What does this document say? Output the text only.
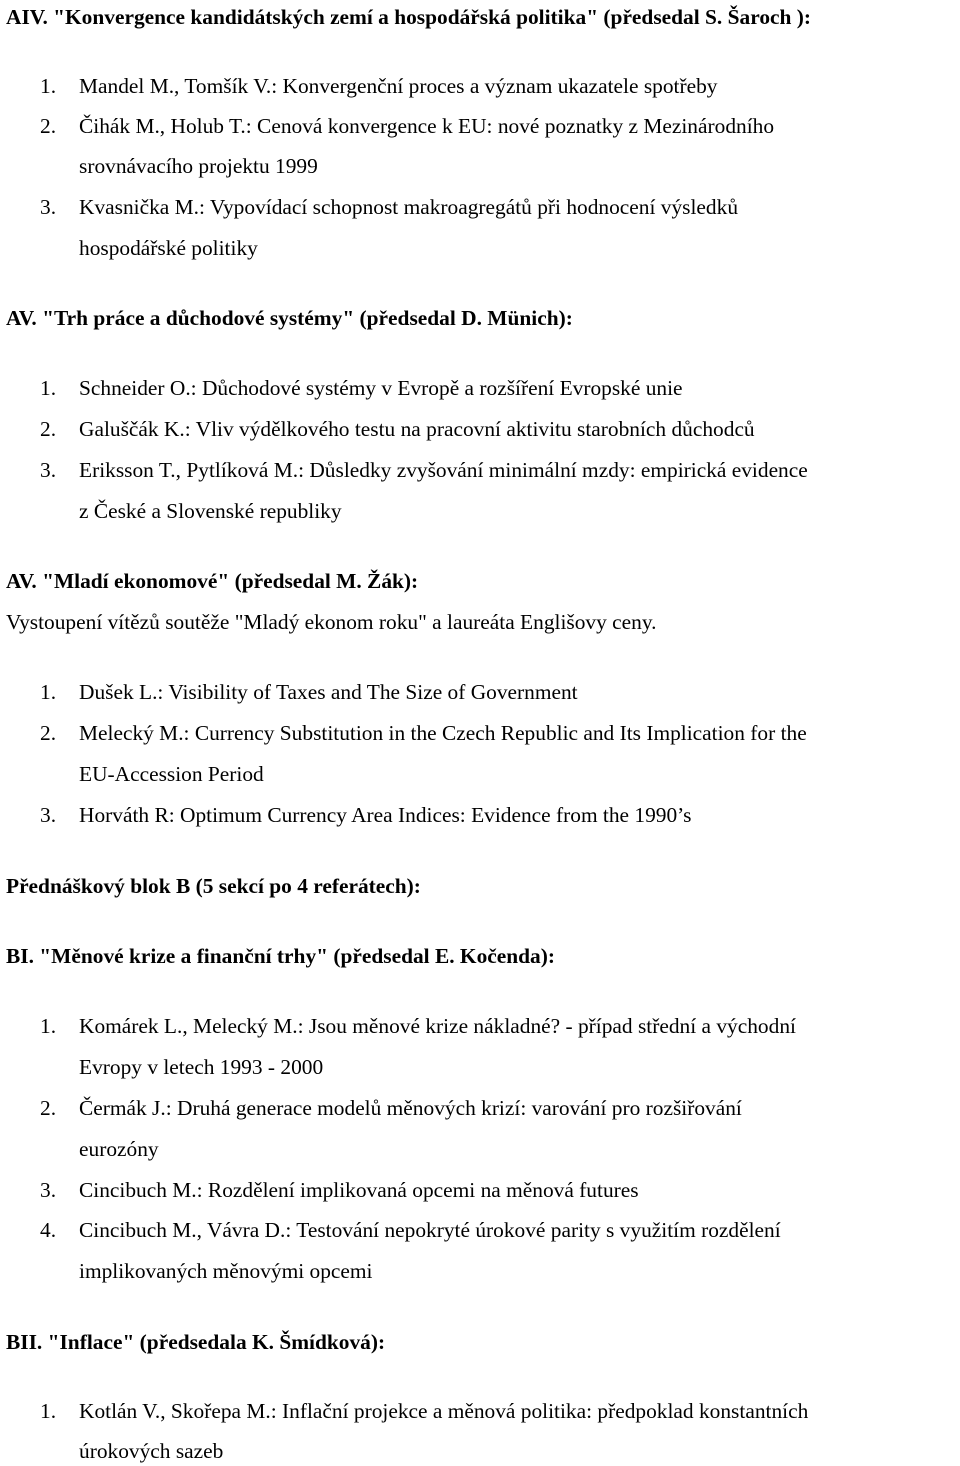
AIV. "Konvergence kandidátských zemí a hospodářská politika" (předsedal S. Šaroch ):
1. Mandel M., Tomšík V.: Konvergenční proces a význam ukazatele spotřeby
2. Čihák M., Holub T.: Cenová konvergence k EU: nové poznatky z Mezinárodního
srovnávacího projektu 1999
3. Kvasnička M.: Vypovídací schopnost makroagregátů při hodnocení výsledků
hospodářské politiky
AV. "Trh práce a důchodové systémy" (předsedal D. Münich):
1. Schneider O.: Důchodové systémy v Evropě a rozšíření Evropské unie
2. Galuščák K.: Vliv výdělkového testu na pracovní aktivitu starobních důchodců
3. Eriksson T., Pytlíková M.: Důsledky zvyšování minimální mzdy: empirická evidence
z České a Slovenské republiky
AV. "Mladí ekonomové" (předsedal M. Žák):
Vystoupení vítězů soutěže "Mladý ekonom roku" a laureáta Englišovy ceny.
1. Dušek L.: Visibility of Taxes and The Size of Government
2. Melecký M.: Currency Substitution in the Czech Republic and Its Implication for the
EU-Accession Period
3. Horváth R: Optimum Currency Area Indices: Evidence from the 1990’s
Přednáškový blok B (5 sekcí po 4 referátech):
BI. "Měnové krize a finanční trhy" (předsedal E. Kočenda):
1. Komárek L., Melecký M.: Jsou měnové krize nákladné? - případ střední a východní
Evropy v letech 1993 - 2000
2. Čermák J.: Druhá generace modelů měnových krizí: varování pro rozšiřování
eurozóny
3. Cincibuch M.: Rozdělení implikovaná opcemi na měnová futures
4. Cincibuch M., Vávra D.: Testování nepokryté úrokové parity s využitím rozdělení
implikovaných měnovými opcemi
BII. "Inflace" (předsedala K. Šmídková):
1. Kotlán V., Skořepa M.: Inflační projekce a měnová politika: předpoklad konstantních
úrokových sazeb
